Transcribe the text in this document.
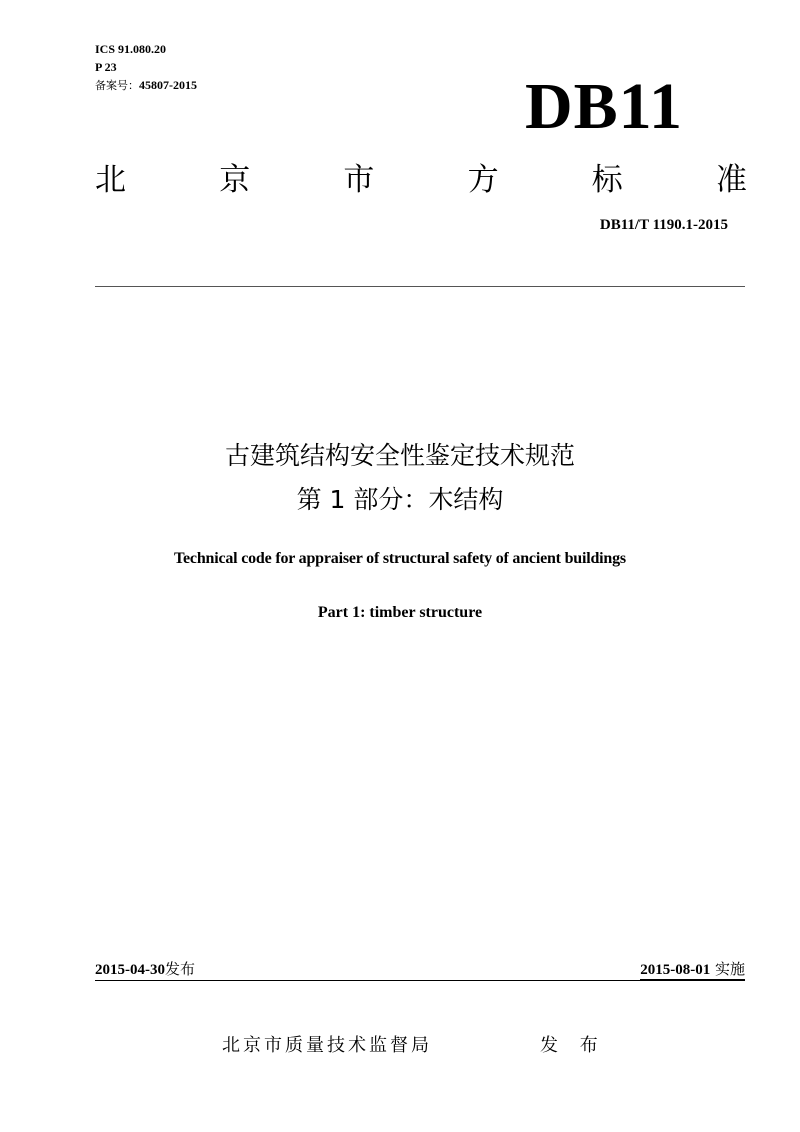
ICS 91.080.20
P 23
备案号：45807-2015	DB11
北	京	市	方	标	准
DB11/T 1190.1-2015
古建筑结构安全性鉴定技术规范
第 1 部分：木结构
Technical code for appraiser of structural safety of ancient buildings
Part 1: timber structure
2015-04-30发布	2015-08-01 实施
北京市质量技术监督局	发 布
